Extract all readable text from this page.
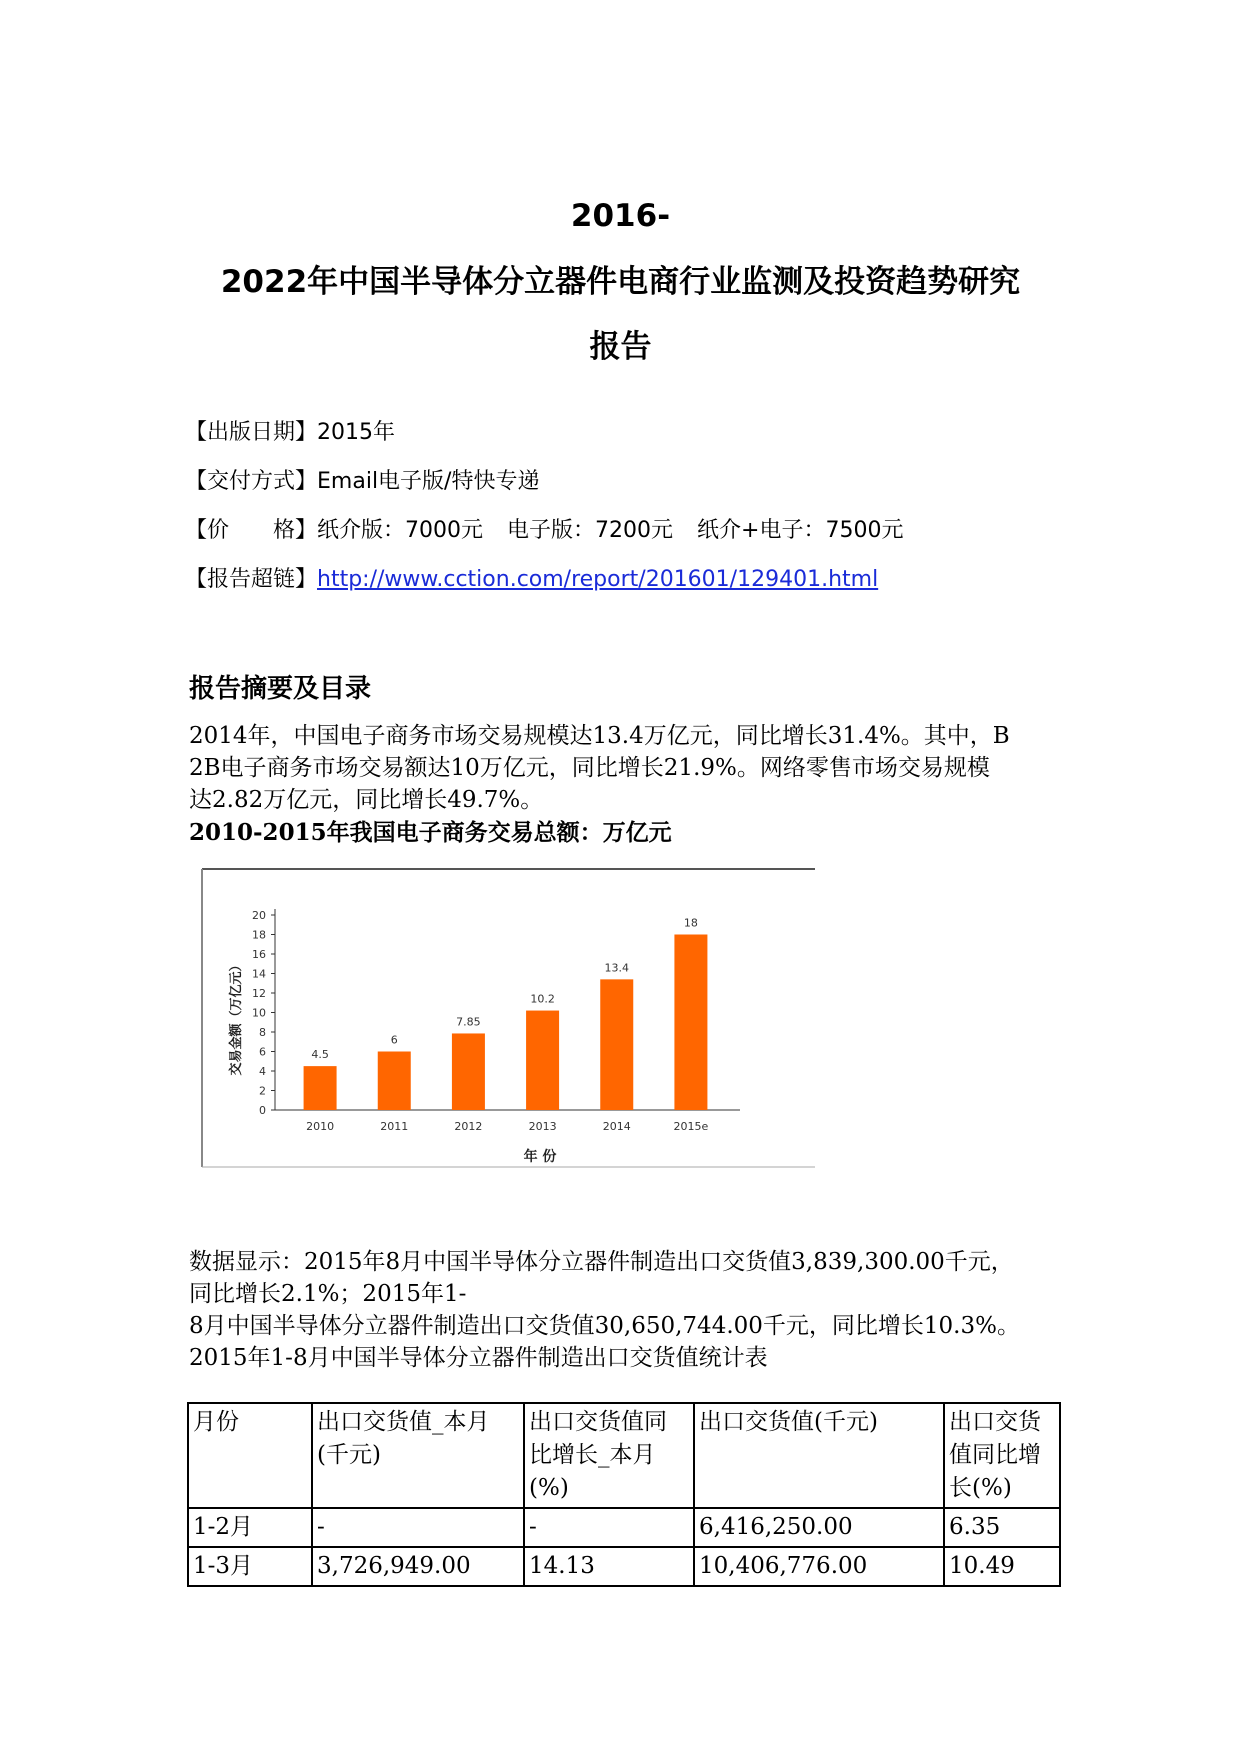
2016-
2022年中国半导体分立器件电商行业监测及投资趋势研究
报告
【出版日期】2015年
【交付方式】Email电子版/特快专递
【价　　格】纸介版：7000元 电子版：7200元 纸介+电子：7500元
【报告超链】http://www.cction.com/report/201601/129401.html
报告摘要及目录
2014年，中国电子商务市场交易规模达13.4万亿元，同比增长31.4%。其中，B
2B电子商务市场交易额达10万亿元，同比增长21.9%。网络零售市场交易规模
达2.82万亿元，同比增长49.7%。
2010-2015年我国电子商务交易总额：万亿元
0
2
4
6
8
10
12
14
16
18
20
2010	2011	2012	2013	2014	2015e
4.5
6
7.85
10.2
13.4
18
交易金额（万亿元）
年 份
数据显示：2015年8月中国半导体分立器件制造出口交货值3,839,300.00千元，
同比增长2.1%；2015年1-
8月中国半导体分立器件制造出口交货值30,650,744.00千元，同比增长10.3%。
2015年1-8月中国半导体分立器件制造出口交货值统计表
月份	出口交货值_本月(千元)	出口交货值同比增长_本月(%)	出口交货值(千元)	出口交货值同比增长(%)
1-2月	-	-	6,416,250.00	6.35
1-3月	3,726,949.00	14.13	10,406,776.00	10.49
